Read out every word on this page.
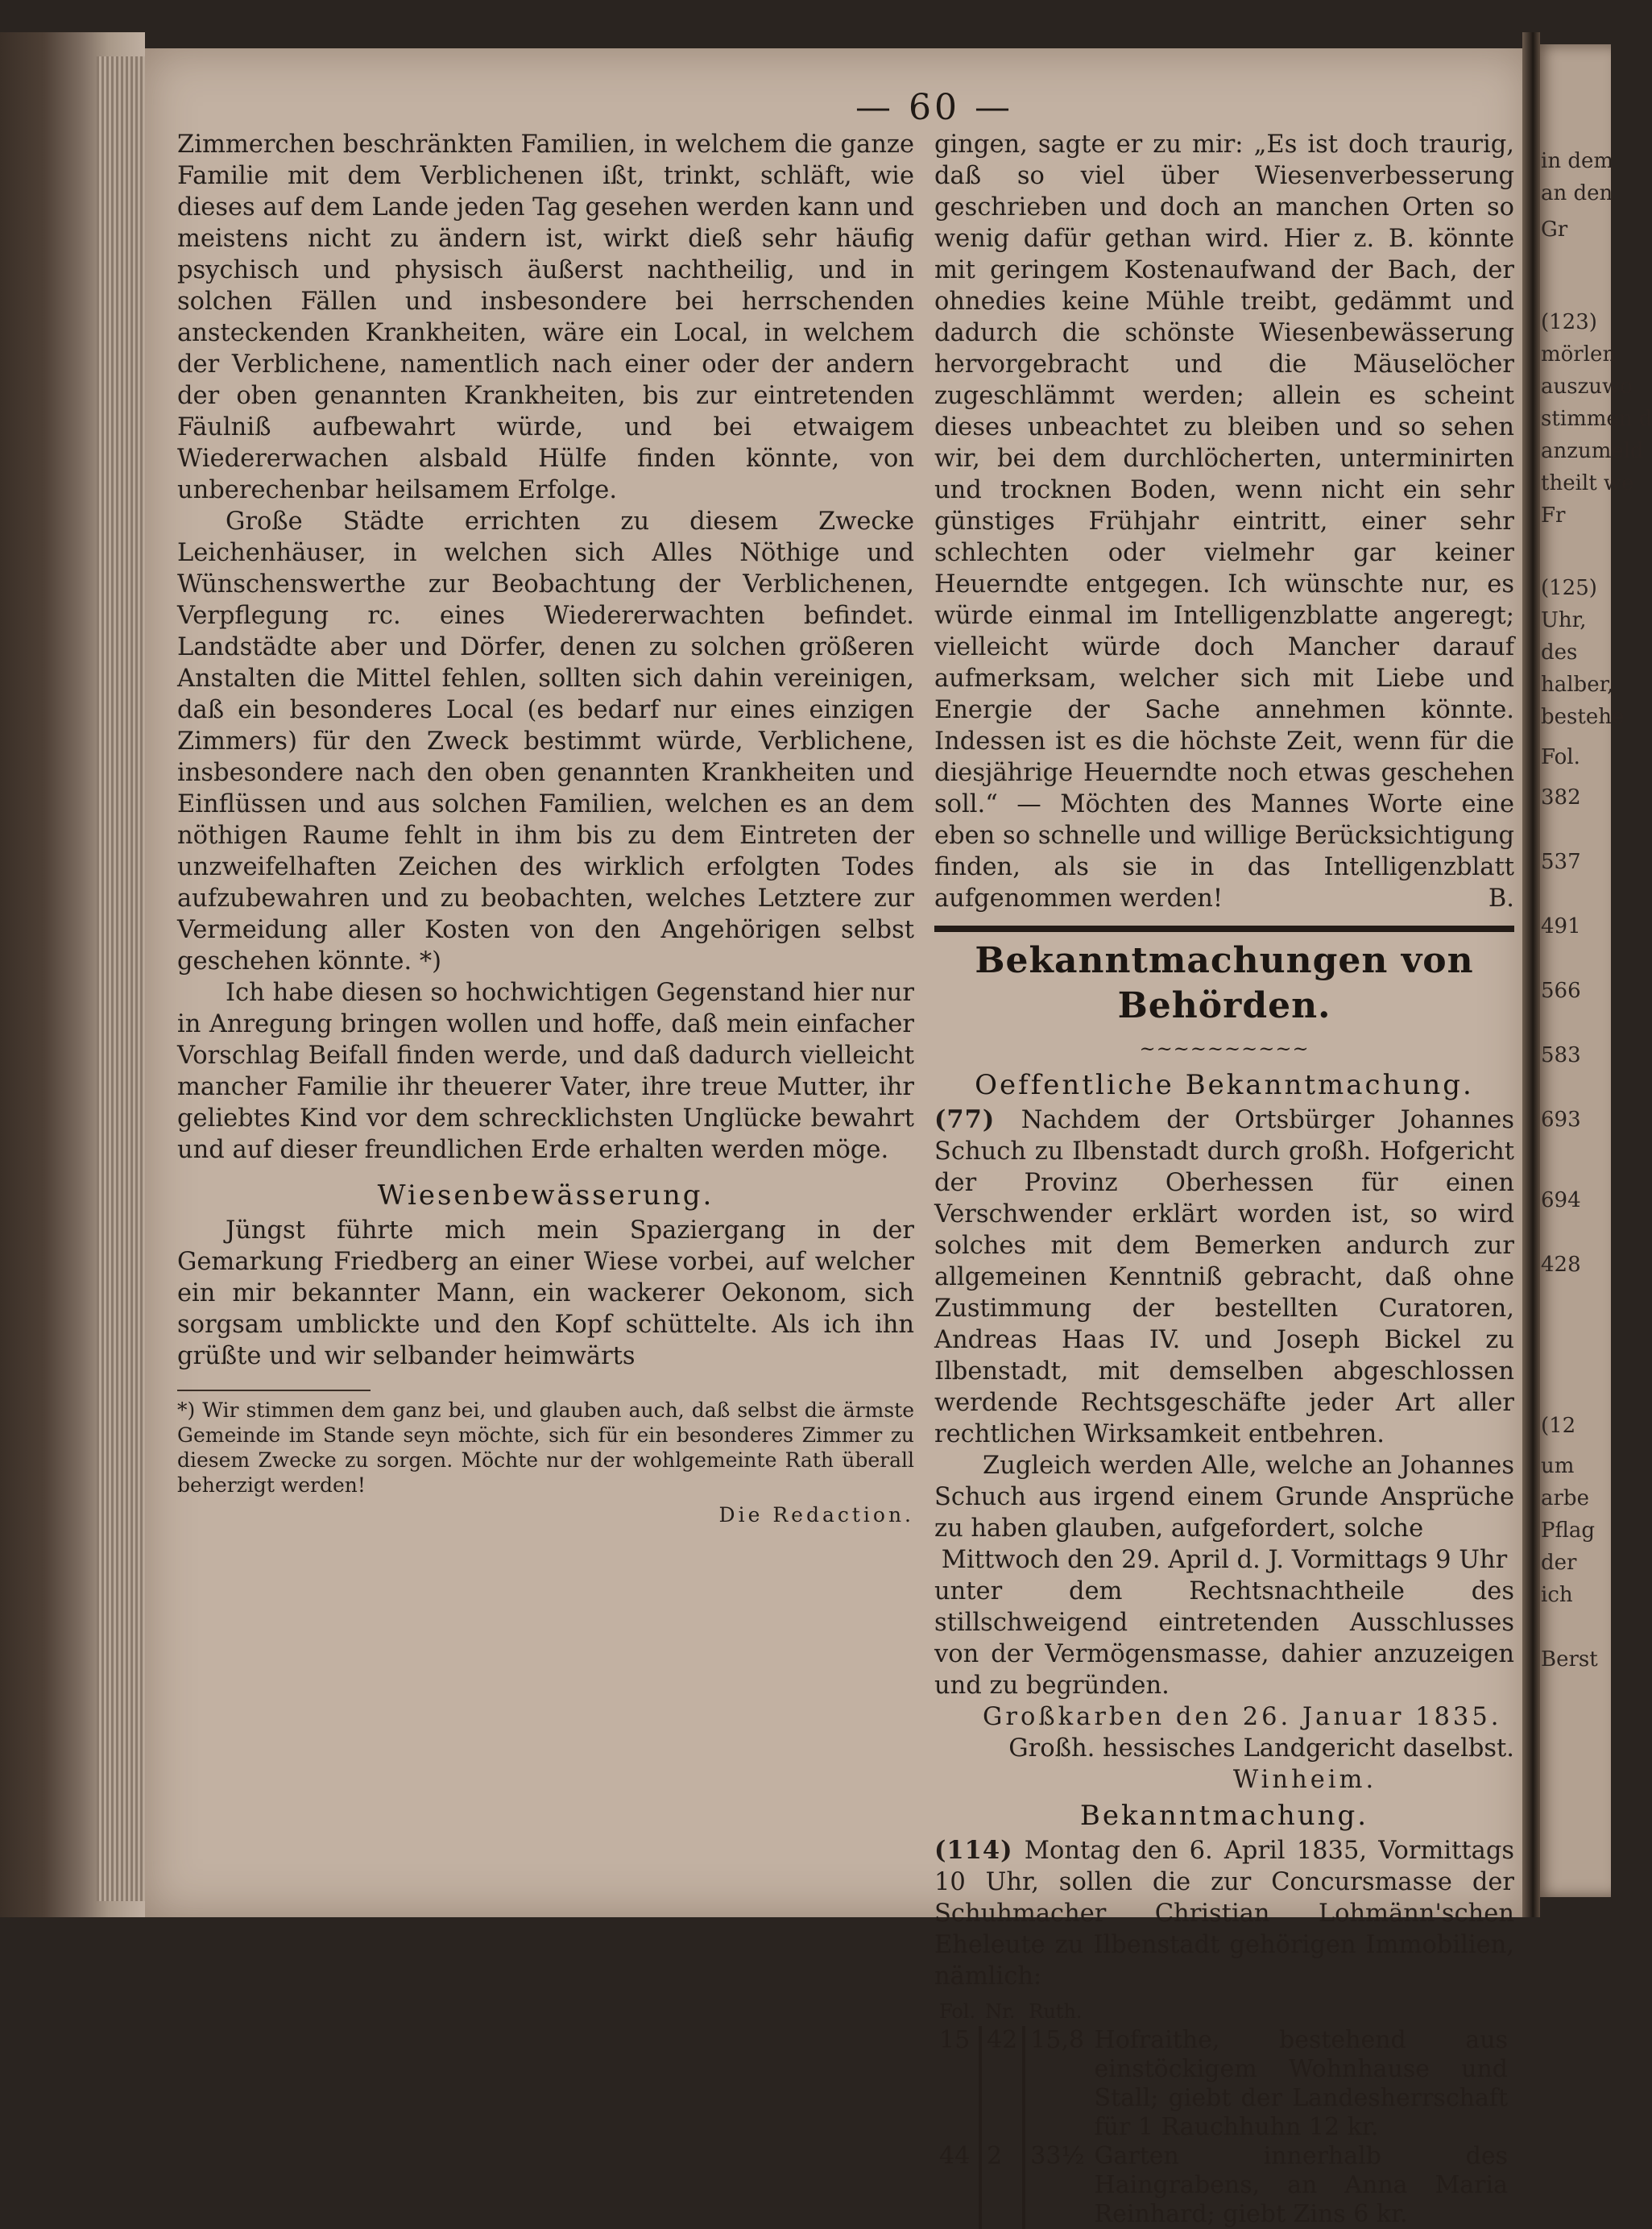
in dem
an den
Gr
(123)
mörlen
auszuwo
stimmen d
anzumeld
theilt we
Fr
(125)
Uhr,
des
halber,
bestehe
Fol.
382
537
491
566
583
693
694
428
(12
um
arbe
Pflag
der
ich
Berst
— 60 —

Zimmerchen beschränkten Familien, in welchem die ganze Familie mit dem Verblichenen ißt, trinkt, schläft, wie dieses auf dem Lande jeden Tag gesehen werden kann und meistens nicht zu ändern ist, wirkt dieß sehr häufig psychisch und physisch äußerst nachtheilig, und in solchen Fällen und insbesondere bei herrschenden ansteckenden Krankheiten, wäre ein Local, in welchem der Verblichene, namentlich nach einer oder der andern der oben genannten Krankheiten, bis zur eintretenden Fäulniß aufbewahrt würde, und bei etwaigem Wiedererwachen alsbald Hülfe finden könnte, von unberechenbar heilsamem Erfolge.

Große Städte errichten zu diesem Zwecke Leichenhäuser, in welchen sich Alles Nöthige und Wünschenswerthe zur Beobachtung der Verblichenen, Verpflegung rc. eines Wiedererwachten befindet. Landstädte aber und Dörfer, denen zu solchen größeren Anstalten die Mittel fehlen, sollten sich dahin vereinigen, daß ein besonderes Local (es bedarf nur eines einzigen Zimmers) für den Zweck bestimmt würde, Verblichene, insbesondere nach den oben genannten Krankheiten und Einflüssen und aus solchen Familien, welchen es an dem nöthigen Raume fehlt in ihm bis zu dem Eintreten der unzweifelhaften Zeichen des wirklich erfolgten Todes aufzubewahren und zu beobachten, welches Letztere zur Vermeidung aller Kosten von den Angehörigen selbst geschehen könnte. *)

Ich habe diesen so hochwichtigen Gegenstand hier nur in Anregung bringen wollen und hoffe, daß mein einfacher Vorschlag Beifall finden werde, und daß dadurch vielleicht mancher Familie ihr theuerer Vater, ihre treue Mutter, ihr geliebtes Kind vor dem schrecklichsten Unglücke bewahrt und auf dieser freundlichen Erde erhalten werden möge.

Wiesenbewässerung.

Jüngst führte mich mein Spaziergang in der Gemarkung Friedberg an einer Wiese vorbei, auf welcher ein mir bekannter Mann, ein wackerer Oekonom, sich sorgsam umblickte und den Kopf schüttelte. Als ich ihn grüßte und wir selbander heimwärts

*) Wir stimmen dem ganz bei, und glauben auch, daß selbst die ärmste Gemeinde im Stande seyn möchte, sich für ein besonderes Zimmer zu diesem Zwecke zu sorgen. Möchte nur der wohlgemeinte Rath überall beherzigt werden!

Die Redaction.

gingen, sagte er zu mir: „Es ist doch traurig, daß so viel über Wiesenverbesserung geschrieben und doch an manchen Orten so wenig dafür gethan wird. Hier z. B. könnte mit geringem Kostenaufwand der Bach, der ohnedies keine Mühle treibt, gedämmt und dadurch die schönste Wiesenbewässerung hervorgebracht und die Mäuselöcher zugeschlämmt werden; allein es scheint dieses unbeachtet zu bleiben und so sehen wir, bei dem durchlöcherten, unterminirten und trocknen Boden, wenn nicht ein sehr günstiges Frühjahr eintritt, einer sehr schlechten oder vielmehr gar keiner Heuerndte entgegen. Ich wünschte nur, es würde einmal im Intelligenzblatte angeregt; vielleicht würde doch Mancher darauf aufmerksam, welcher sich mit Liebe und Energie der Sache annehmen könnte. Indessen ist es die höchste Zeit, wenn für die diesjährige Heuerndte noch etwas geschehen soll.“ — Möchten des Mannes Worte eine eben so schnelle und willige Berücksichtigung finden, als sie in das Intelligenzblatt aufgenommen werden!	B.

Bekanntmachungen von Behörden.
~~~~~~~~~~
Oeffentliche Bekanntmachung.

(77) Nachdem der Ortsbürger Johannes Schuch zu Ilbenstadt durch großh. Hofgericht der Provinz Oberhessen für einen Verschwender erklärt worden ist, so wird solches mit dem Bemerken andurch zur allgemeinen Kenntniß gebracht, daß ohne Zustimmung der bestellten Curatoren, Andreas Haas IV. und Joseph Bickel zu Ilbenstadt, mit demselben abgeschlossen werdende Rechtsgeschäfte jeder Art aller rechtlichen Wirksamkeit entbehren.

Zugleich werden Alle, welche an Johannes Schuch aus irgend einem Grunde Ansprüche zu haben glauben, aufgefordert, solche

Mittwoch den 29. April d. J. Vormittags 9 Uhr

unter dem Rechtsnachtheile des stillschweigend eintretenden Ausschlusses von der Vermögensmasse, dahier anzuzeigen und zu begründen.

Großkarben den 26. Januar 1835.

Großh. hessisches Landgericht daselbst.

Winheim.

Bekanntmachung.

(114) Montag den 6. April 1835, Vormittags 10 Uhr, sollen die zur Concursmasse der Schuhmacher Christian Lohmänn'schen Eheleute zu Ilbenstadt gehörigen Immobilien, nämlich:

Fol.	Nr.	Ruth.	
15	42	15,8	Hofraithe, bestehend aus einstöckigem Wohnhause und Stall; giebt der Landesherrschaft für 1 Rauchhuhn 12 kr.
44	2	33½	Garten innerhalb des Haingrabens, an Anna Maria Reinhard; giebt Zins 6 kr.
